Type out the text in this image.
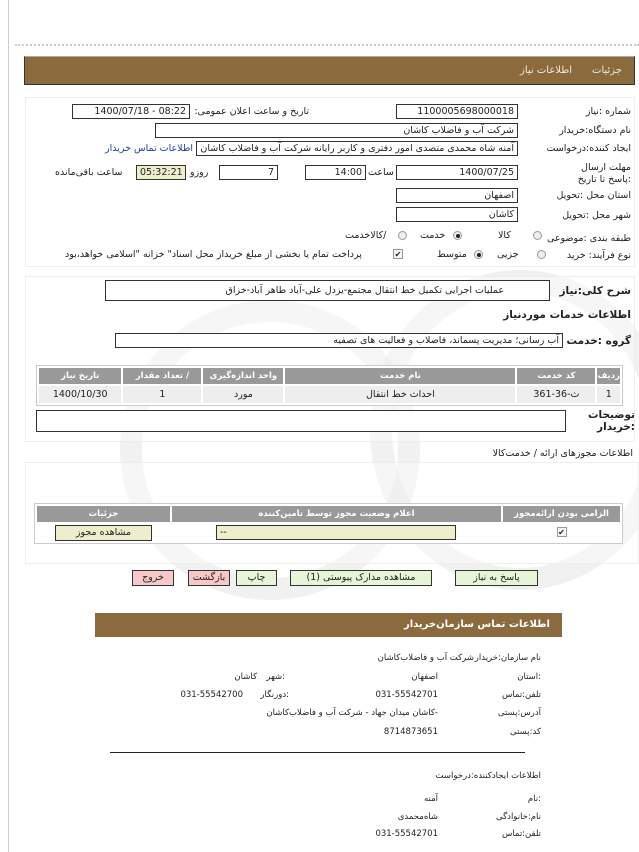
جزئیات
اطلاعات نیاز
شماره :نیاز
1100005698000018
تاریخ و ساعت اعلان عمومی:
1400/07/18 - 08:22
نام دستگاه:خریدار
شرکت آب و فاضلاب کاشان
ایجاد کننده:درخواست
آمنه شاه محمدی متصدی امور دفتری و کاربر رایانه شرکت آب و فاضلاب کاشان
اطلاعات تماس خریدار
مهلت ارسال :پاسخ تا تاریخ
1400/07/25
ساعت
14:00
7
روزو
05:32:21
ساعت باقی‌مانده
استان محل :تحویل
اصفهان
شهر محل :تحویل
کاشان
طبقه بندی :موضوعی
کالا
خدمت
/کالاخدمت
نوع فرآیند: خرید
جزیی
متوسط
✔
پرداخت تمام یا بخشی از مبلغ خریداز محل اسناد" خزانه "اسلامی خواهد،بود
شرح کلی:نیاز
عملیات اجرایی تکمیل خط انتقال مجتمع-یزدل علی-آباد طاهر آباد-خزاق
اطلاعات خدمات موردنیاز
گروه :خدمت
آب رسانی؛ مدیریت پسماند، فاضلاب و فعالیت های تصفیه
ردیف	کد خدمت	نام خدمت	واحد اندازه‌گیری	/ تعداد مقدار	تاریخ نیاز
1	ث-36-361	احداث خط انتقال	مورد	1	1400/10/30
توضیحات :خریدار
اطلاعات مجوزهای ارائه / خدمت‌کالا
الزامی بودن ارائه‌مجوز	اعلام وضعیت مجوز توسط تامین‌کننده	جزئیات
✔	--	مشاهده مجوز
پاسخ به نیاز
مشاهده مدارک پیوستی (1)
چاپ
بازگشت
خروج
اطلاعات تماس سازمان‌خریدار
نام سازمان:خریدار
شرکت آب و فاضلاب‌کاشان
:استان
اصفهان
:شهر
کاشان
تلفن:تماس
031-55542701
:دورنگار
031-55542700
آدرس:پستی
-کاشان میدان جهاد - شرکت آب و فاضلاب‌کاشان
کد:پستی
8714873651
اطلاعات ایجادکننده:درخواست
:نام
آمنه
نام:خانوادگی
شاه‌محمدی
تلفن:تماس
031-55542701
